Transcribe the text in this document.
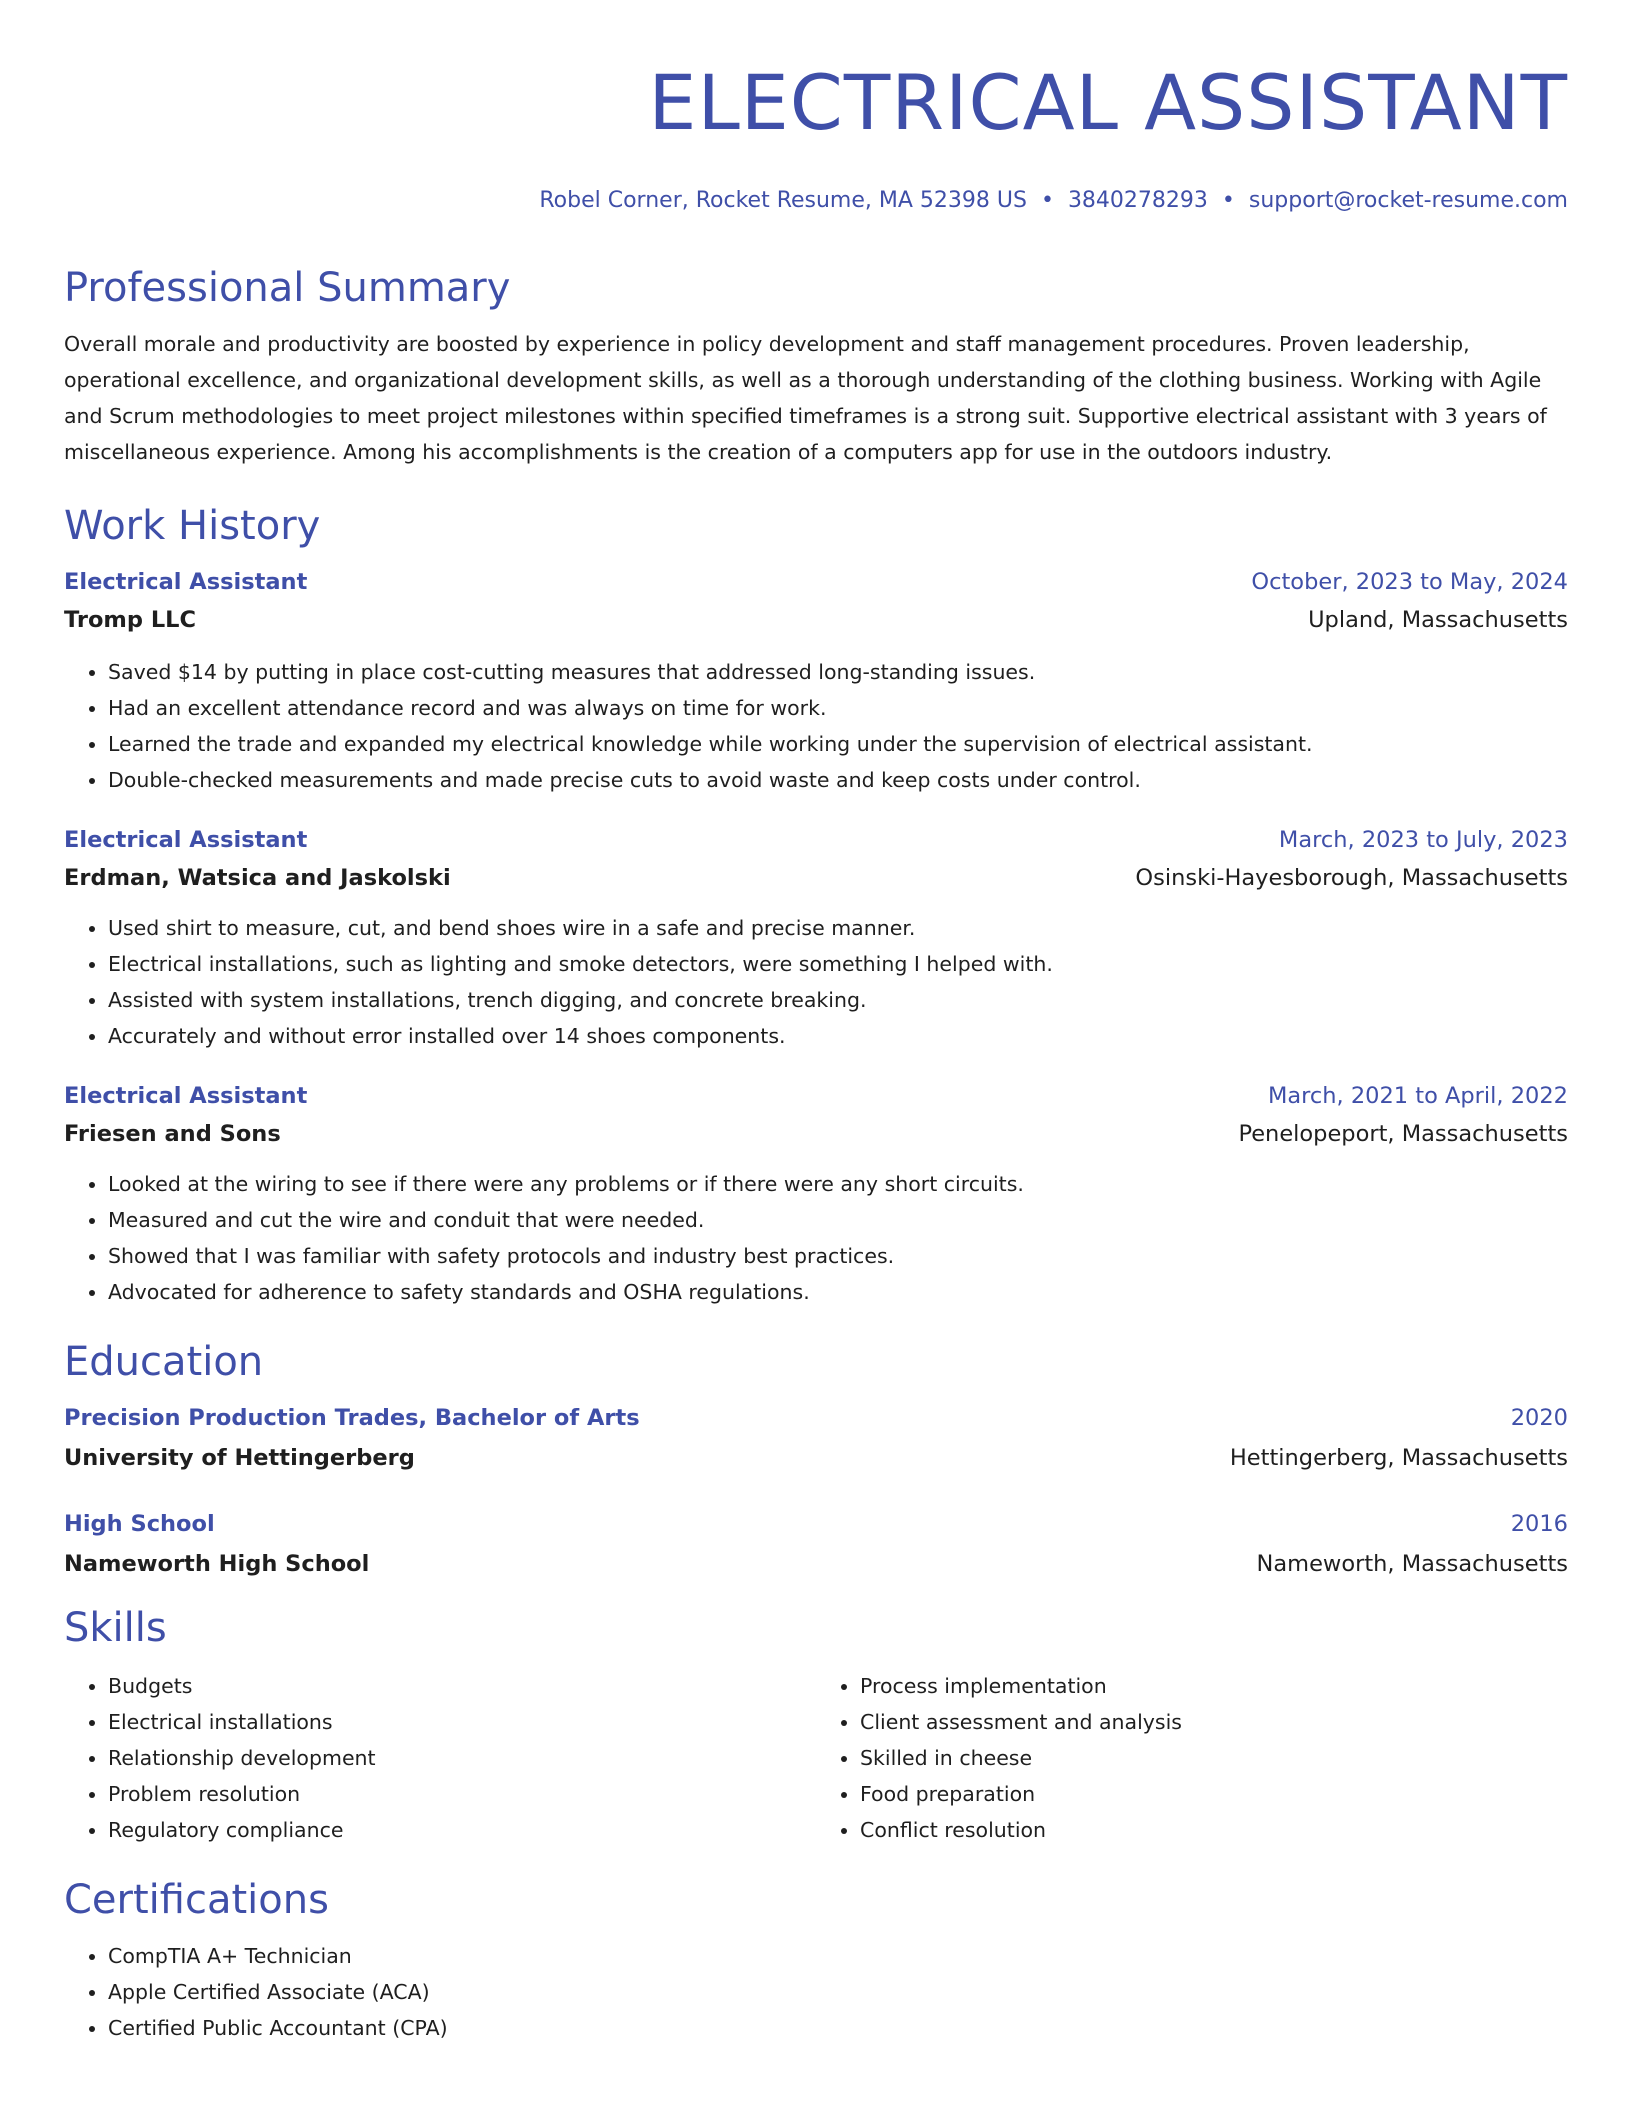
ELECTRICAL ASSISTANT
Robel Corner, Rocket Resume, MA 52398 US • 3840278293 • support@rocket-resume.com
Professional Summary
Overall morale and productivity are boosted by experience in policy development and staff management procedures. Proven leadership, operational excellence, and organizational development skills, as well as a thorough understanding of the clothing business. Working with Agile and Scrum methodologies to meet project milestones within specified timeframes is a strong suit. Supportive electrical assistant with 3 years of miscellaneous experience. Among his accomplishments is the creation of a computers app for use in the outdoors industry.
Work History
Electrical Assistant	October, 2023 to May, 2024
Tromp LLC	Upland, Massachusetts
• Saved $14 by putting in place cost-cutting measures that addressed long-standing issues.
• Had an excellent attendance record and was always on time for work.
• Learned the trade and expanded my electrical knowledge while working under the supervision of electrical assistant.
• Double-checked measurements and made precise cuts to avoid waste and keep costs under control.
Electrical Assistant	March, 2023 to July, 2023
Erdman, Watsica and Jaskolski	Osinski-Hayesborough, Massachusetts
• Used shirt to measure, cut, and bend shoes wire in a safe and precise manner.
• Electrical installations, such as lighting and smoke detectors, were something I helped with.
• Assisted with system installations, trench digging, and concrete breaking.
• Accurately and without error installed over 14 shoes components.
Electrical Assistant	March, 2021 to April, 2022
Friesen and Sons	Penelopeport, Massachusetts
• Looked at the wiring to see if there were any problems or if there were any short circuits.
• Measured and cut the wire and conduit that were needed.
• Showed that I was familiar with safety protocols and industry best practices.
• Advocated for adherence to safety standards and OSHA regulations.
Education
Precision Production Trades, Bachelor of Arts	2020
University of Hettingerberg	Hettingerberg, Massachusetts
High School	2016
Nameworth High School	Nameworth, Massachusetts
Skills
• Budgets
• Electrical installations
• Relationship development
• Problem resolution
• Regulatory compliance
• Process implementation
• Client assessment and analysis
• Skilled in cheese
• Food preparation
• Conflict resolution
Certifications
• CompTIA A+ Technician
• Apple Certified Associate (ACA)
• Certified Public Accountant (CPA)
